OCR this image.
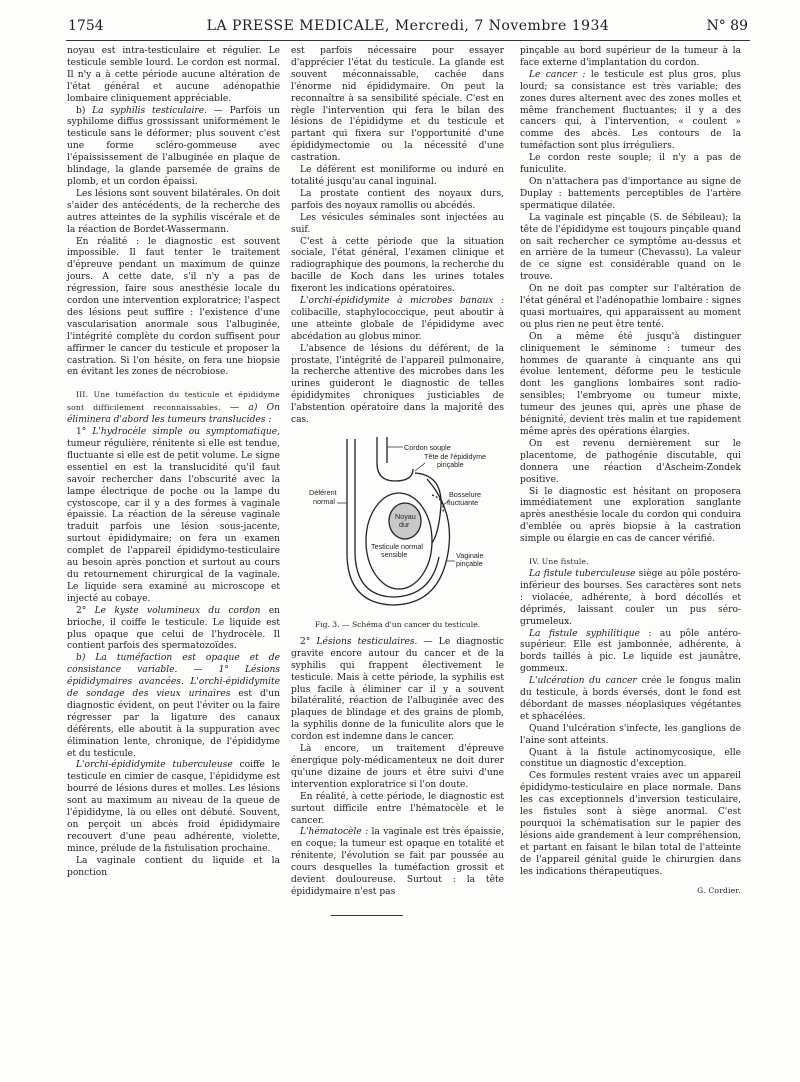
1754	LA PRESSE MEDICALE, Mercredi, 7 Novembre 1934	N° 89

noyau est intra-testiculaire et régulier. Le testicule semble lourd. Le cordon est normal. Il n'y a à cette période aucune altération de l'état général et aucune adénopathie lombaire cliniquement appréciable.

b) La syphilis testiculaire. — Parfois un syphilome diffus grossissant uniformément le testicule sans le déformer; plus souvent c'est une forme scléro-gommeuse avec l'épaississement de l'albuginée en plaque de blindage, la glande parsemée de grains de plomb, et un cordon épaissi.

Les lésions sont souvent bilatérales. On doit s'aider des antécédents, de la recherche des autres atteintes de la syphilis viscérale et de la réaction de Bordet-Wassermann.

En réalité : le diagnostic est souvent impossible. Il faut tenter le traitement d'épreuve pendant un maximum de quinze jours. A cette date, s'il n'y a pas de régression, faire sous anesthésie locale du cordon une intervention exploratrice; l'aspect des lésions peut suffire : l'existence d'une vascularisation anormale sous l'albuginée, l'intégrité complète du cordon suffisent pour affirmer le cancer du testicule et proposer la castration. Si l'on hésite, on fera une biopsie en évitant les zones de nécrobiose.

III. Une tuméfaction du testicule et épididyme sont difficilement reconnaissables. — a) On éliminera d'abord les tumeurs translucides :

1° L'hydrocèle simple ou symptomatique, tumeur régulière, rénitente si elle est tendue, fluctuante si elle est de petit volume. Le signe essentiel en est la translucidité qu'il faut savoir rechercher dans l'obscurité avec la lampe électrique de poche ou la lampe du cystoscope, car il y a des formes à vaginale épaissie. La réaction de la séreuse vaginale traduit parfois une lésion sous-jacente, surtout épididymaire; on fera un examen complet de l'appareil épididymo-testiculaire au besoin après ponction et surtout au cours du retournement chirurgical de la vaginale. Le liquide sera examiné au microscope et injecté au cobaye.

2° Le kyste volumineux du cordon en brioche, il coiffe le testicule. Le liquide est plus opaque que celui de l'hydrocèle. Il contient parfois des spermatozoïdes.

b) La tuméfaction est opaque et de consistance variable. — 1° Lésions épididymaires avancées. L'orchi-épididymite de sondage des vieux urinaires est d'un diagnostic évident, on peut l'éviter ou la faire régresser par la ligature des canaux déférents, elle aboutit à la suppuration avec élimination lente, chronique, de l'épididyme et du testicule.

L'orchi-épididymite tuberculeuse coiffe le testicule en cimier de casque, l'épididyme est bourré de lésions dures et molles. Les lésions sont au maximum au niveau de la queue de l'épididyme, là ou elles ont débuté. Souvent, on perçoit un abcès froid épididymaire recouvert d'une peau adhérente, violette, mince, prélude de la fistulisation prochaine.

La vaginale contient du liquide et la ponction

est parfois nécessaire pour essayer d'apprécier l'état du testicule. La glande est souvent méconnaissable, cachée dans l'énorme nid épididymaire. On peut la reconnaître à sa sensibilité spéciale. C'est en règle l'intervention qui fera le bilan des lésions de l'épididyme et du testicule et partant qui fixera sur l'opportunité d'une épididymectomie ou la nécessité d'une castration.

Le déférent est moniliforme ou induré en totalité jusqu'au canal inguinal.

La prostate contient des noyaux durs, parfois des noyaux ramollis ou abcédés.

Les vésicules séminales sont injectées au suif.

C'est à cette période que la situation sociale, l'état général, l'examen clinique et radiographique des poumons, la recherche du bacille de Koch dans les urines totales fixeront les indications opératoires.

L'orchi-épididymite à microbes banaux : colibacille, staphylococcique, peut aboutir à une atteinte globale de l'épididyme avec abcédation au globus minor.

L'absence de lésions du déférent, de la prostate, l'intégrité de l'appareil pulmonaire, la recherche attentive des microbes dans les urines guideront le diagnostic de telles épididymites chroniques justiciables de l'abstention opératoire dans la majorité des cas.

Cordon souple
Tête de l'épididyme
pinçable
Déférent
normal
Bosselure
fluctuante
Noyau
dur
Testicule normal
sensible	Vaginale
pinçable

Fig. 3. — Schéma d'un cancer du testicule.

2° Lésions testiculaires. — Le diagnostic gravite encore autour du cancer et de la syphilis qui frappent électivement le testicule. Mais à cette période, la syphilis est plus facile à éliminer car il y a souvent bilatéralité, réaction de l'albuginée avec des plaques de blindage et des grains de plomb, la syphilis donne de la funiculite alors que le cordon est indemne dans le cancer.

Là encore, un traitement d'épreuve énergique poly-médicamenteux ne doit durer qu'une dizaine de jours et être suivi d'une intervention exploratrice si l'on doute.

En réalité, à cette période, le diagnostic est surtout difficile entre l'hématocèle et le cancer.

L'hématocèle : la vaginale est très épaissie, en coque; la tumeur est opaque en totalité et rénitente, l'évolution se fait par poussée au cours desquelles la tuméfaction grossit et devient douloureuse. Surtout : la tête épididymaire n'est pas

pinçable au bord supérieur de la tumeur à la face externe d'implantation du cordon.

Le cancer : le testicule est plus gros, plus lourd; sa consistance est très variable; des zones dures alternent avec des zones molles et même franchement fluctuantes; il y a des cancers qui, à l'intervention, « coulent » comme des abcès. Les contours de la tuméfaction sont plus irréguliers.

Le cordon reste souple; il n'y a pas de funiculite.

On n'attachera pas d'importance au signe de Duplay : battements perceptibles de l'artère spermatique dilatée.

La vaginale est pinçable (S. de Sébileau); la tête de l'épididyme est toujours pinçable quand on sait rechercher ce symptôme au-dessus et en arrière de la tumeur (Chevassu). La valeur de ce signe est considérable quand on le trouve.

On ne doit pas compter sur l'altération de l'état général et l'adénopathie lombaire : signes quasi mortuaires, qui apparaissent au moment ou plus rien ne peut être tenté.

On a même été jusqu'à distinguer cliniquement le séminome : tumeur des hommes de quarante à cinquante ans qui évolue lentement, déforme peu le testicule dont les ganglions lombaires sont radio-sensibles; l'embryome ou tumeur mixte, tumeur des jeunes qui, après une phase de bénignité, devient très malin et tue rapidement même après des opérations élargies.

On est revenu dernièrement sur le placentome, de pathogénie discutable, qui donnera une réaction d'Ascheim-Zondek positive.

Si le diagnostic est hésitant on proposera immédiatement une exploration sanglante après anesthésie locale du cordon qui conduira d'emblée ou après biopsie à la castration simple ou élargie en cas de cancer vérifié.

IV. Une fistule.

La fistule tuberculeuse siège au pôle postéro-inférieur des bourses. Ses caractères sont nets : violacée, adhérente, à bord décollés et déprimés, laissant couler un pus séro-grumeleux.

La fistule syphilitique : au pôle antéro-supérieur. Elle est jambonnée, adhérente, à bords taillés à pic. Le liquide est jaunâtre, gommeux.

L'ulcération du cancer crée le fongus malin du testicule, à bords éversés, dont le fond est débordant de masses néoplasiques végétantes et sphacélées.

Quand l'ulcération s'infecte, les ganglions de l'aine sont atteints.

Quant à la fistule actinomycosique, elle constitue un diagnostic d'exception.

Ces formules restent vraies avec un appareil épididymo-testiculaire en place normale. Dans les cas exceptionnels d'inversion testiculaire, les fistules sont à siège anormal. C'est pourquoi la schématisation sur le papier des lésions aide grandement à leur compréhension, et partant en faisant le bilan total de l'atteinte de l'appareil génital guide le chirurgien dans les indications thérapeutiques.

G. Cordier.
